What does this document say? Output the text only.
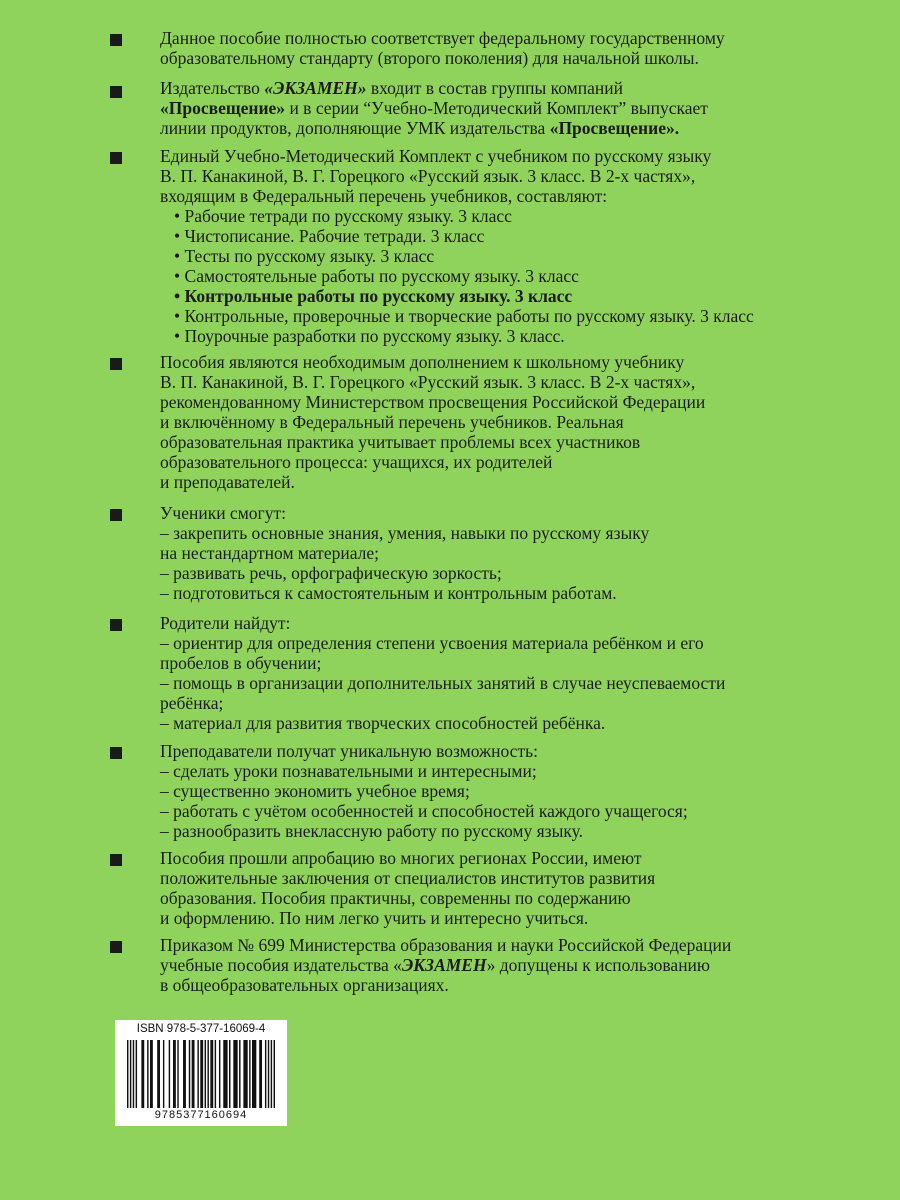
Данное пособие полностью соответствует федеральному государственному
образовательному стандарту (второго поколения) для начальной школы.
Издательство «ЭКЗАМЕН» входит в состав группы компаний
«Просвещение» и в серии “Учебно-Методический Комплект” выпускает
линии продуктов, дополняющие УМК издательства «Просвещение».
Единый Учебно-Методический Комплект с учебником по русскому языку
В. П. Канакиной, В. Г. Горецкого «Русский язык. 3 класс. В 2-х частях»,
входящим в Федеральный перечень учебников, составляют:
• Рабочие тетради по русскому языку. 3 класс
• Чистописание. Рабочие тетради. 3 класс
• Тесты по русскому языку. 3 класс
• Самостоятельные работы по русскому языку. 3 класс
• Контрольные работы по русскому языку. 3 класс
• Контрольные, проверочные и творческие работы по русскому языку. 3 класс
• Поурочные разработки по русскому языку. 3 класс.
Пособия являются необходимым дополнением к школьному учебнику
В. П. Канакиной, В. Г. Горецкого «Русский язык. 3 класс. В 2-х частях»,
рекомендованному Министерством просвещения Российской Федерации
и включённому в Федеральный перечень учебников. Реальная
образовательная практика учитывает проблемы всех участников
образовательного процесса: учащихся, их родителей
и преподавателей.
Ученики смогут:
– закрепить основные знания, умения, навыки по русскому языку
на нестандартном материале;
– развивать речь, орфографическую зоркость;
– подготовиться к самостоятельным и контрольным работам.
Родители найдут:
– ориентир для определения степени усвоения материала ребёнком и его
пробелов в обучении;
– помощь в организации дополнительных занятий в случае неуспеваемости
ребёнка;
– материал для развития творческих способностей ребёнка.
Преподаватели получат уникальную возможность:
– сделать уроки познавательными и интересными;
– существенно экономить учебное время;
– работать с учётом особенностей и способностей каждого учащегося;
– разнообразить внеклассную работу по русскому языку.
Пособия прошли апробацию во многих регионах России, имеют
положительные заключения от специалистов институтов развития
образования. Пособия практичны, современны по содержанию
и оформлению. По ним легко учить и интересно учиться.
Приказом № 699 Министерства образования и науки Российской Федерации
учебные пособия издательства «ЭКЗАМЕН» допущены к использованию
в общеобразовательных организациях.
ISBN 978-5-377-16069-4
9785377160694
